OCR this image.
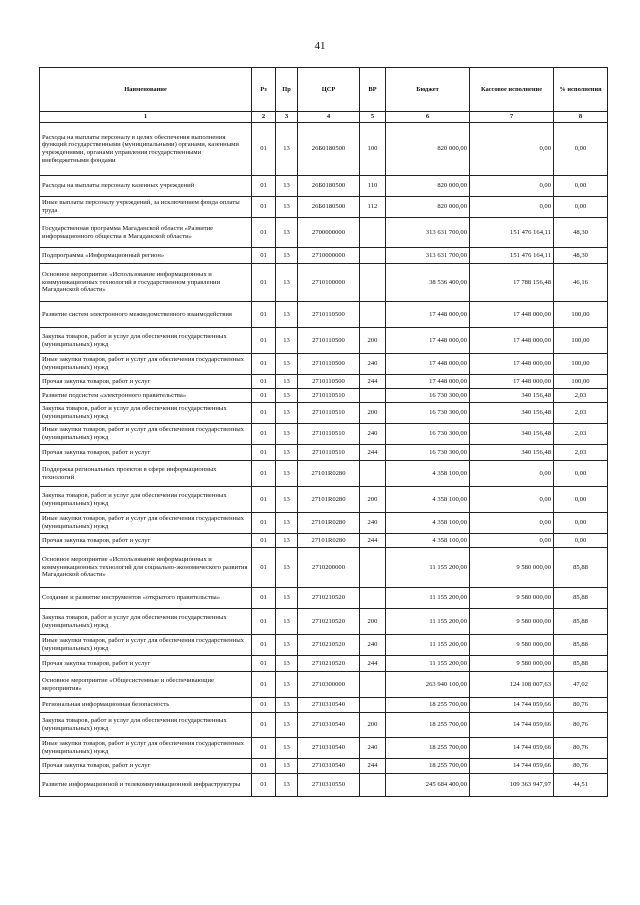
41
Наименование	Рз	Пр	ЦСР	ВР	Бюджет	Кассовое исполнение	% исполнения
1	2	3	4	5	6	7	8
Расходы на выплаты персоналу в целях обеспечения выполнения функций государственными (муниципальными) органами, казенными учреждениями, органами управления государственными внебюджетными фондами	01	13	26Б0180500	100	820 000,00	0,00	0,00
Расходы на выплаты персоналу казенных учреждений	01	13	26Б0180500	110	820 000,00	0,00	0,00
Иные выплаты персоналу учреждений, за исключением фонда оплаты труда	01	13	26Б0180500	112	820 000,00	0,00	0,00
Государственная программа Магаданской области «Развитие информационного общества в Магаданской области»	01	13	2700000000		313 631 700,00	151 476 164,11	48,30
Подпрограмма «Информационный регион»	01	13	2710000000		313 631 700,00	151 476 164,11	48,30
Основное мероприятие «Использование информационных и коммуникационных технологий в государственном управлении Магаданской области»	01	13	2710100000		38 536 400,00	17 788 156,48	46,16
Развитие систем электронного межведомственного взаимодействия	01	13	2710110500		17 448 000,00	17 448 000,00	100,00
Закупка товаров, работ и услуг для обеспечения государственных (муниципальных) нужд	01	13	2710110500	200	17 448 000,00	17 448 000,00	100,00
Иные закупки товаров, работ и услуг для обеспечения государственных (муниципальных) нужд	01	13	2710110500	240	17 448 000,00	17 448 000,00	100,00
Прочая закупка товаров, работ и услуг	01	13	2710110500	244	17 448 000,00	17 448 000,00	100,00
Развитие подсистем «электронного правительства»	01	13	2710110510		16 730 300,00	340 156,48	2,03
Закупка товаров, работ и услуг для обеспечения государственных (муниципальных) нужд	01	13	2710110510	200	16 730 300,00	340 156,48	2,03
Иные закупки товаров, работ и услуг для обеспечения государственных (муниципальных) нужд	01	13	2710110510	240	16 730 300,00	340 156,48	2,03
Прочая закупка товаров, работ и услуг	01	13	2710110510	244	16 730 300,00	340 156,48	2,03
Поддержка региональных проектов в сфере информационных технологий	01	13	27101R0280		4 358 100,00	0,00	0,00
Закупка товаров, работ и услуг для обеспечения государственных (муниципальных) нужд	01	13	27101R0280	200	4 358 100,00	0,00	0,00
Иные закупки товаров, работ и услуг для обеспечения государственных (муниципальных) нужд	01	13	27101R0280	240	4 358 100,00	0,00	0,00
Прочая закупка товаров, работ и услуг	01	13	27101R0280	244	4 358 100,00	0,00	0,00
Основное мероприятие «Использование информационных и коммуникационных технологий для социально-экономического развития Магаданской области»	01	13	2710200000		11 155 200,00	9 580 000,00	85,88
Создание и развитие инструментов «открытого правительства»	01	13	2710210520		11 155 200,00	9 580 000,00	85,88
Закупка товаров, работ и услуг для обеспечения государственных (муниципальных) нужд	01	13	2710210520	200	11 155 200,00	9 580 000,00	85,88
Иные закупки товаров, работ и услуг для обеспечения государственных (муниципальных) нужд	01	13	2710210520	240	11 155 200,00	9 580 000,00	85,88
Прочая закупка товаров, работ и услуг	01	13	2710210520	244	11 155 200,00	9 580 000,00	85,88
Основное мероприятие «Общесистемные и обеспечивающие мероприятия»	01	13	2710300000		263 940 100,00	124 108 007,63	47,02
Региональная информационная безопасность	01	13	2710310540		18 255 700,00	14 744 059,66	80,76
Закупка товаров, работ и услуг для обеспечения государственных (муниципальных) нужд	01	13	2710310540	200	18 255 700,00	14 744 059,66	80,76
Иные закупки товаров, работ и услуг для обеспечения государственных (муниципальных) нужд	01	13	2710310540	240	18 255 700,00	14 744 059,66	80,76
Прочая закупка товаров, работ и услуг	01	13	2710310540	244	18 255 700,00	14 744 059,66	80,76
Развитие информационной и телекоммуникационной инфраструктуры	01	13	2710310550		245 684 400,00	109 363 947,97	44,51
